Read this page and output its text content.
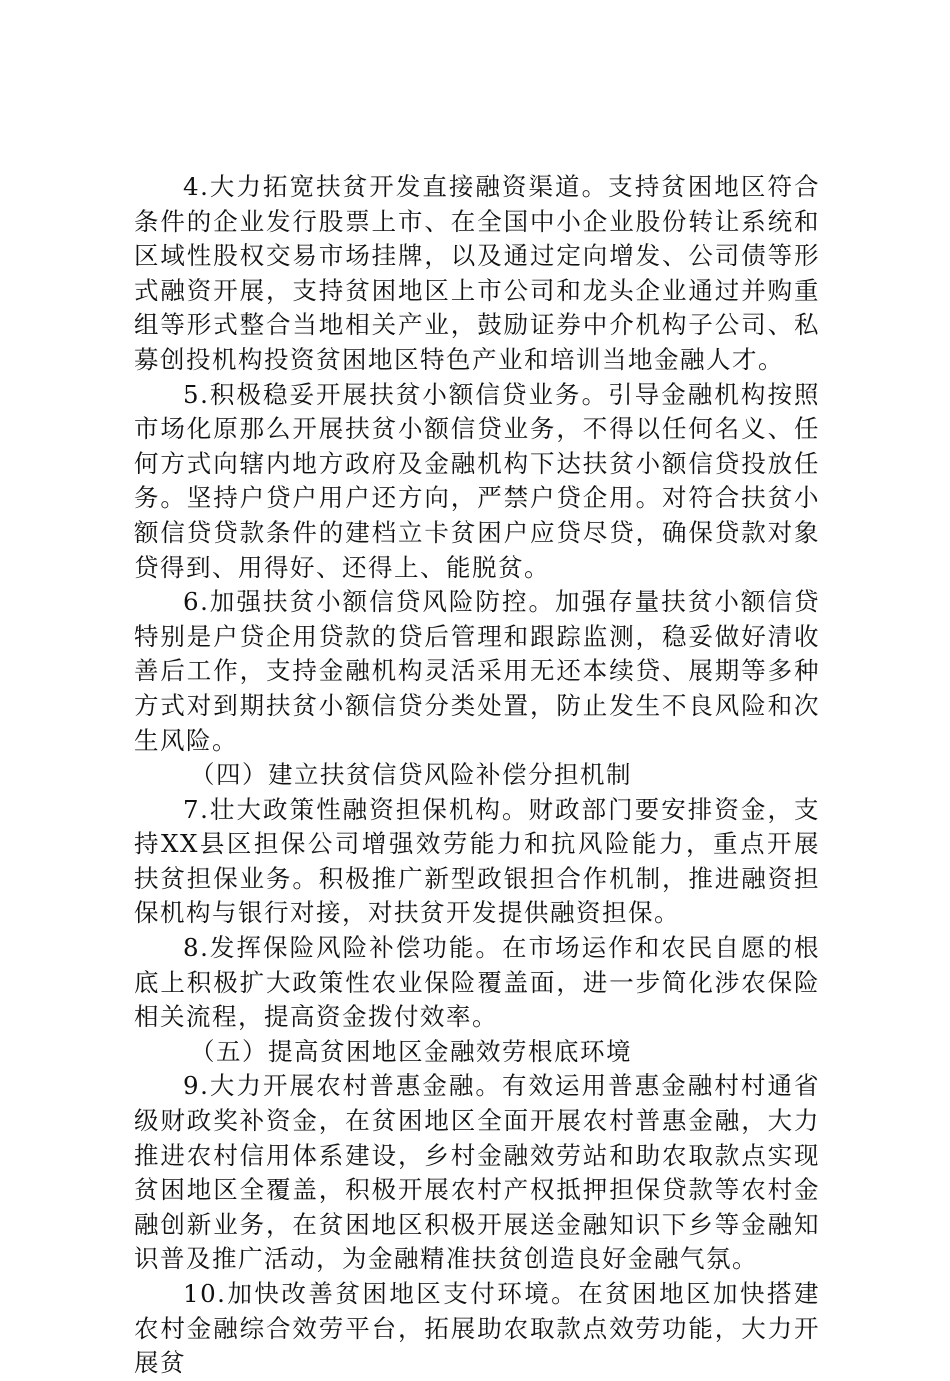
4.大力拓宽扶贫开发直接融资渠道。支持贫困地区符合条件的企业发行股票上市、在全国中小企业股份转让系统和区域性股权交易市场挂牌，以及通过定向增发、公司债等形式融资开展，支持贫困地区上市公司和龙头企业通过并购重组等形式整合当地相关产业，鼓励证券中介机构子公司、私募创投机构投资贫困地区特色产业和培训当地金融人才。

5.积极稳妥开展扶贫小额信贷业务。引导金融机构按照市场化原那么开展扶贫小额信贷业务，不得以任何名义、任何方式向辖内地方政府及金融机构下达扶贫小额信贷投放任务。坚持户贷户用户还方向，严禁户贷企用。对符合扶贫小额信贷贷款条件的建档立卡贫困户应贷尽贷，确保贷款对象贷得到、用得好、还得上、能脱贫。

6.加强扶贫小额信贷风险防控。加强存量扶贫小额信贷特别是户贷企用贷款的贷后管理和跟踪监测，稳妥做好清收善后工作，支持金融机构灵活采用无还本续贷、展期等多种方式对到期扶贫小额信贷分类处置，防止发生不良风险和次生风险。

（四）建立扶贫信贷风险补偿分担机制

7.壮大政策性融资担保机构。财政部门要安排资金，支持XX县区担保公司增强效劳能力和抗风险能力，重点开展扶贫担保业务。积极推广新型政银担合作机制，推进融资担保机构与银行对接，对扶贫开发提供融资担保。

8.发挥保险风险补偿功能。在市场运作和农民自愿的根底上积极扩大政策性农业保险覆盖面，进一步简化涉农保险相关流程，提高资金拨付效率。

（五）提高贫困地区金融效劳根底环境

9.大力开展农村普惠金融。有效运用普惠金融村村通省级财政奖补资金，在贫困地区全面开展农村普惠金融，大力推进农村信用体系建设，乡村金融效劳站和助农取款点实现贫困地区全覆盖，积极开展农村产权抵押担保贷款等农村金融创新业务，在贫困地区积极开展送金融知识下乡等金融知识普及推广活动，为金融精准扶贫创造良好金融气氛。

10.加快改善贫困地区支付环境。在贫困地区加快搭建农村金融综合效劳平台，拓展助农取款点效劳功能，大力开展贫
